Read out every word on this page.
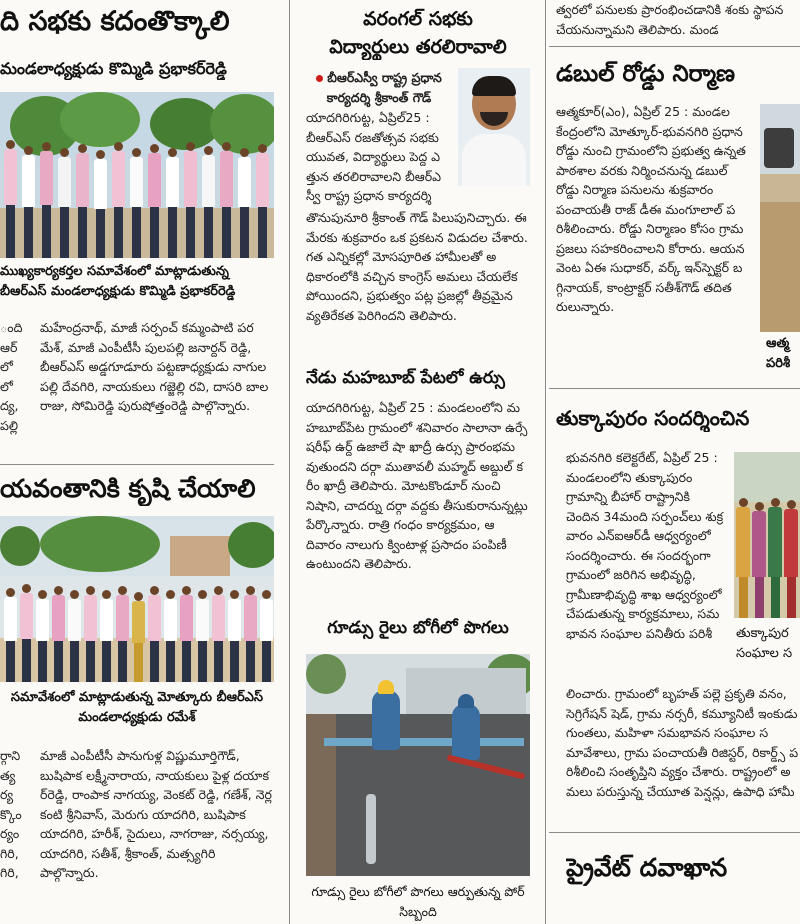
ది సభకు కదంతొక్కాలి
మండలాధ్యక్షుడు కొమ్మిడి ప్రభాకర్‌రెడ్డి
ముఖ్యకార్యకర్తల సమావేశంలో మాట్లాడుతున్న బీఆర్‌ఎస్ మండలాధ్యక్షుడు కొమ్మిడి ప్రభాకర్‌రెడ్డి
ంది
ఆర్
లో
లో
ద్య,
పల్లి
మహేంద్రనాథ్, మాజీ సర్పంచ్ కమ్మంపాటి పరమేశ్, మాజీ ఎంపీటీసీ పులపల్లి జనార్దన్ రెడ్డి, బీఆర్‌ఎస్ అడ్డగూడూరు పట్టణాధ్యక్షుడు నాగులపల్లి దేవగిరి, నాయకులు గజ్జెల్లి రవి, దాసరి బాలరాజు, సోమిరెడ్డి పురుషోత్తంరెడ్డి పాల్గొన్నారు.
యవంతానికి కృషి చేయాలి
సమావేశంలో మాట్లాడుతున్న మోత్కూరు బీఆర్‌ఎస్ మండలాధ్యక్షుడు రమేశ్
ర్గాని
త్య
ర్య
క్కొం
ర్యం
గిరి,
గిరి,
మాజీ ఎంపీటీసీ పానుగుళ్ల విష్ణుమూర్తిగౌడ్, బుషిపాక లక్ష్మీనారాయ, నాయకులు పైళ్ల దయాకర్‌రెడ్డి, రాంపాక నాగయ్య, వెంకట్ రెడ్డి, గణేశ్, నెర్లకంటి శ్రీనివాస్, మెరుగు యాదగిరి, బుషిపాక యాదగిరి, హరీశ్, సైదులు, నాగరాజు, నర్సయ్య, యాదగిరి, సతీశ్, శ్రీకాంత్, మత్స్యగిరి పాల్గొన్నారు.
వరంగల్ సభకు
విద్యార్థులు తరలిరావాలి
బీఆర్‌ఎస్వీ రాష్ట్ర ప్రధాన కార్యదర్శి శ్రీకాంత్ గౌడ్
యాదగిరిగుట్ట, ఏప్రిల్25 : బీఆర్‌ఎస్ రజతోత్సవ సభకు యువత, విద్యార్థులు పెద్ద ఎత్తున తరలిరావాలని బీఆర్‌ఎస్వీ రాష్ట్ర ప్రధాన కార్యదర్శి
తొనుపునూరి శ్రీకాంత్ గౌడ్ పిలుపునిచ్చారు. ఈ మేరకు శుక్రవారం ఒక ప్రకటన విడుదల చేశారు. గత ఎన్నికల్లో మోసపూరిత హామీలతో అధికారంలోకి వచ్చిన కాంగ్రెస్ అమలు చేయలేకపోయిందని, ప్రభుత్వం పట్ల ప్రజల్లో తీవ్రమైన వ్యతిరేకత పెరిగిందని తెలిపారు.
నేడు మహబూబ్ పేటలో ఉర్సు
యాదగిరిగుట్ట, ఏప్రిల్ 25 : మండలంలోని మహబూబ్‌పేట గ్రామంలో శనివారం సాలానా ఉర్సే షరీఫ్ ఉర్ద్ ఉజాలే షా ఖాద్రీ ఉర్సు ప్రారంభమవుతుందని దర్గా ముతావలీ మహ్మద్ అబ్దుల్ కరీం ఖాద్రీ తెలిపారు. మోటకొండూర్ నుంచి నిషాని, చాదర్ను దర్గా వద్దకు తీసుకురానున్నట్లు పేర్కొన్నారు. రాత్రి గంధం కార్యక్రమం, ఆదివారం నాలుగు క్వింటాళ్ల ప్రసాదం పంపిణీ ఉంటుందని తెలిపారు.
గూడ్సు రైలు బోగీలో పొగలు
గూడ్సు రైలు బోగీలో పొగలు ఆర్పుతున్న పోర్ సిబ్బంది
త్వరలో పనులకు ప్రారంభించడానికి శంకు స్థాపన చేయనున్నామని తెలిపారు. మండ
డబుల్ రోడ్డు నిర్మాణ
ఆత్మకూర్(ఎం), ఏప్రిల్ 25 : మండల కేంద్రంలోని మోత్కూర్-భువనగిరి ప్రధాన రోడ్డు నుంచి గ్రామంలోని ప్రభుత్వ ఉన్నత పాఠశాల వరకు నిర్మించనున్న డబుల్ రోడ్డు నిర్మాణ పనులను శుక్రవారం పంచాయతీ రాజ్ డీఈ మంగూలాల్ పరిశీలించారు. రోడ్డు నిర్మాణం కోసం గ్రామ ప్రజలు సహకరించాలని కోరారు. ఆయన వెంట ఏఈ సుధాకర్, వర్క్ ఇన్‌స్పెక్టర్ బగ్గినాయక్, కాంట్రాక్టర్ సతీశ్‌గౌడ్ తదితరులున్నారు.
ఆత్మ
పరిశీ
తుక్కాపురం సందర్శించిన
భువనగిరి కలెక్టరేట్, ఏప్రిల్ 25 : మండలంలోని తుక్కాపురం గ్రామాన్ని బీహార్ రాష్ట్రానికి చెందిన 34మంది సర్పంచ్‌లు శుక్రవారం ఎన్‌ఐఆర్‌డీ ఆధ్వర్యంలో సందర్శించారు. ఈ సందర్భంగా గ్రామంలో జరిగిన అభివృద్ధి, గ్రామీణాభివృద్ధి శాఖ ఆధ్వర్యంలో చేపడుతున్న కార్యక్రమాలు, సమభావన సంఘాల పనితీరు పరిశీ	తుక్కాపుర
సంఘాల స
లించారు. గ్రామంలో బృహత్ పల్లె ప్రకృతి వనం, సెగ్రిగేషన్ షెడ్, గ్రామ నర్సరీ, కమ్యూనిటీ ఇంకుడు గుంతలు, మహిళా సమభావన సంఘాల సమావేశాలు, గ్రామ పంచాయతీ రిజిస్టర్, రికార్డ్స్ పరిశీలించి సంతృప్తిని వ్యక్తం చేశారు. రాష్ట్రంలో అమలు పరుస్తున్న చేయూత పెన్షన్లు, ఉపాధి హామీ
ప్రైవేట్ దవాఖాన
